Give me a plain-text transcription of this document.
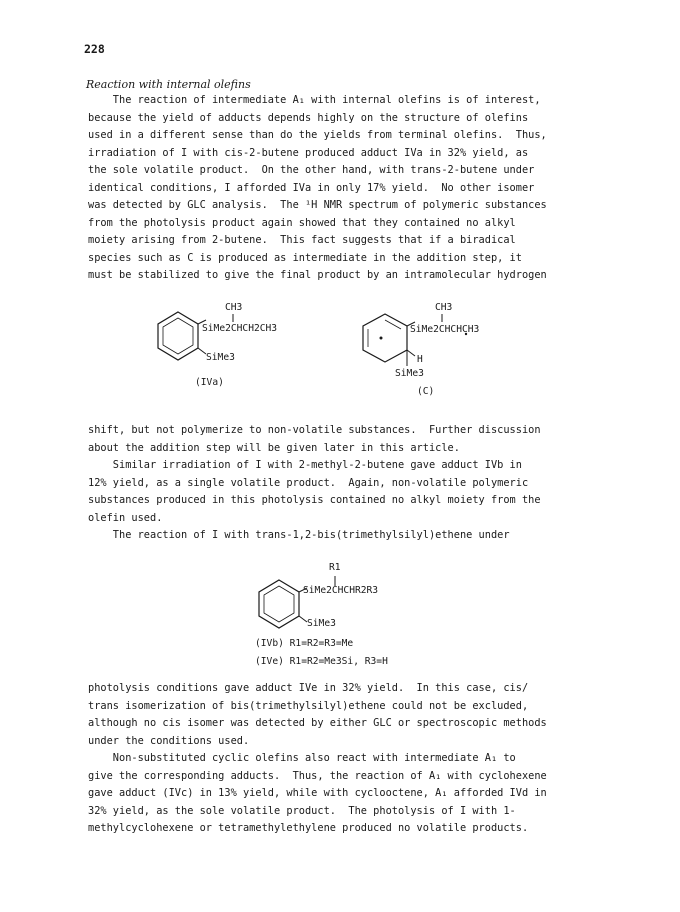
228
Reaction with internal olefins
The reaction of intermediate A₁ with internal olefins is of interest,
because the yield of adducts depends highly on the structure of olefins
used in a different sense than do the yields from terminal olefins.  Thus,
irradiation of I with cis-2-butene produced adduct IVa in 32% yield, as
the sole volatile product.  On the other hand, with trans-2-butene under
identical conditions, I afforded IVa in only 17% yield.  No other isomer
was detected by GLC analysis.  The ¹H NMR spectrum of polymeric substances
from the photolysis product again showed that they contained no alkyl
moiety arising from 2-butene.  This fact suggests that if a biradical
species such as C is produced as intermediate in the addition step, it
must be stabilized to give the final product by an intramolecular hydrogen
CH3
SiMe2CHCH2CH3
SiMe3
(IVa)
CH3
SiMe2CHCHCH3
H
SiMe3
(C)
shift, but not polymerize to non-volatile substances.  Further discussion
about the addition step will be given later in this article.
Similar irradiation of I with 2-methyl-2-butene gave adduct IVb in
12% yield, as a single volatile product.  Again, non-volatile polymeric
substances produced in this photolysis contained no alkyl moiety from the
olefin used.
The reaction of I with trans-1,2-bis(trimethylsilyl)ethene under
R1
SiMe2CHCHR2R3
SiMe3
(IVb) R1=R2=R3=Me
(IVe) R1=R2=Me3Si, R3=H
photolysis conditions gave adduct IVe in 32% yield.  In this case, cis/
trans isomerization of bis(trimethylsilyl)ethene could not be excluded,
although no cis isomer was detected by either GLC or spectroscopic methods
under the conditions used.
Non-substituted cyclic olefins also react with intermediate A₁ to
give the corresponding adducts.  Thus, the reaction of A₁ with cyclohexene
gave adduct (IVc) in 13% yield, while with cyclooctene, A₁ afforded IVd in
32% yield, as the sole volatile product.  The photolysis of I with 1-
methylcyclohexene or tetramethylethylene produced no volatile products.
